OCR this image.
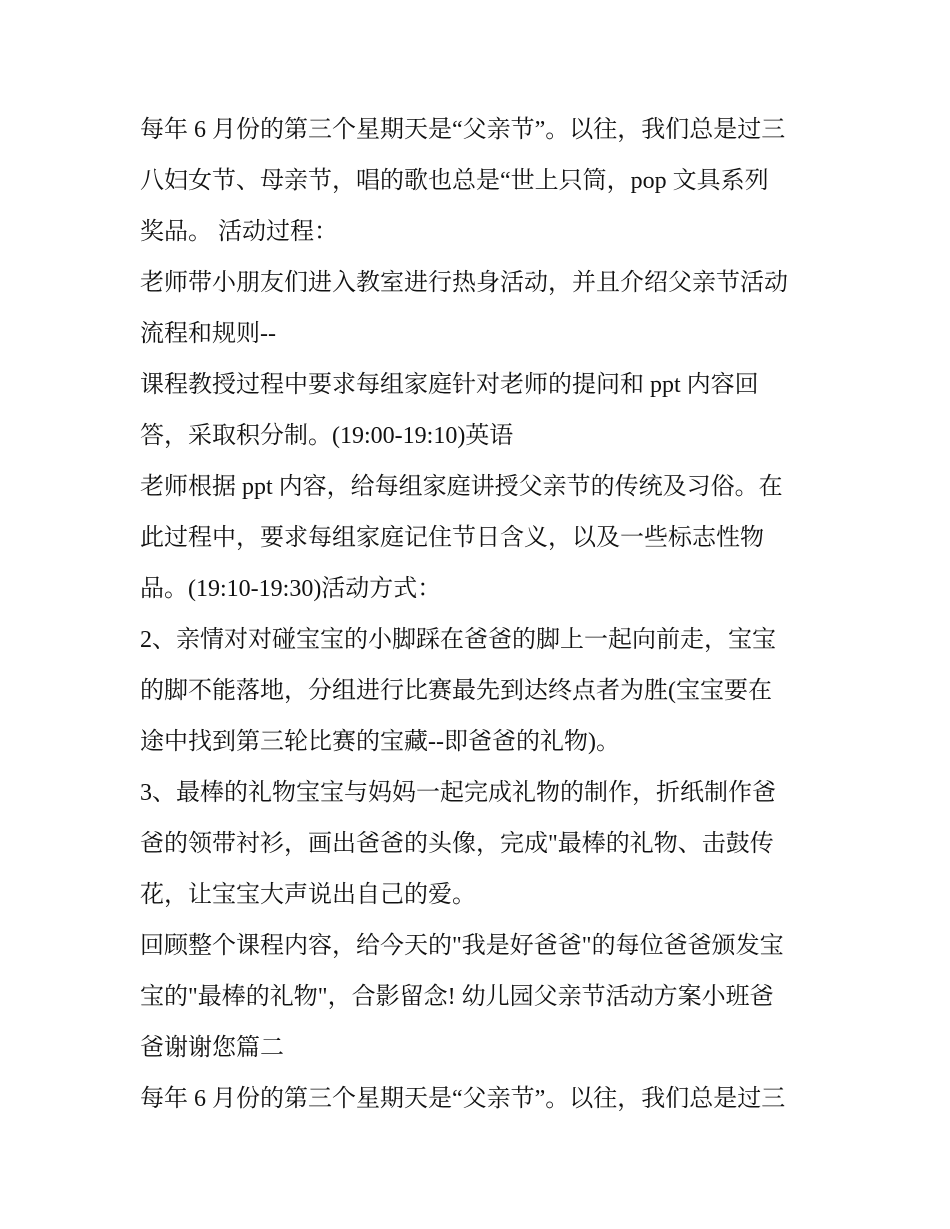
每年 6 月份的第三个星期天是“父亲节”。以往，我们总是过三
八妇女节、母亲节，唱的歌也总是“世上只筒，pop 文具系列
奖品。 活动过程：
老师带小朋友们进入教室进行热身活动，并且介绍父亲节活动
流程和规则--
课程教授过程中要求每组家庭针对老师的提问和 ppt 内容回
答，采取积分制。(19:00-19:10)英语
老师根据 ppt 内容，给每组家庭讲授父亲节的传统及习俗。在
此过程中，要求每组家庭记住节日含义，以及一些标志性物
品。(19:10-19:30)活动方式：
2、亲情对对碰宝宝的小脚踩在爸爸的脚上一起向前走，宝宝
的脚不能落地，分组进行比赛最先到达终点者为胜(宝宝要在
途中找到第三轮比赛的宝藏--即爸爸的礼物)。
3、最棒的礼物宝宝与妈妈一起完成礼物的制作，折纸制作爸
爸的领带衬衫，画出爸爸的头像，完成"最棒的礼物、击鼓传
花，让宝宝大声说出自己的爱。
回顾整个课程内容，给今天的"我是好爸爸"的每位爸爸颁发宝
宝的"最棒的礼物"，合影留念! 幼儿园父亲节活动方案小班爸
爸谢谢您篇二
每年 6 月份的第三个星期天是“父亲节”。以往，我们总是过三
